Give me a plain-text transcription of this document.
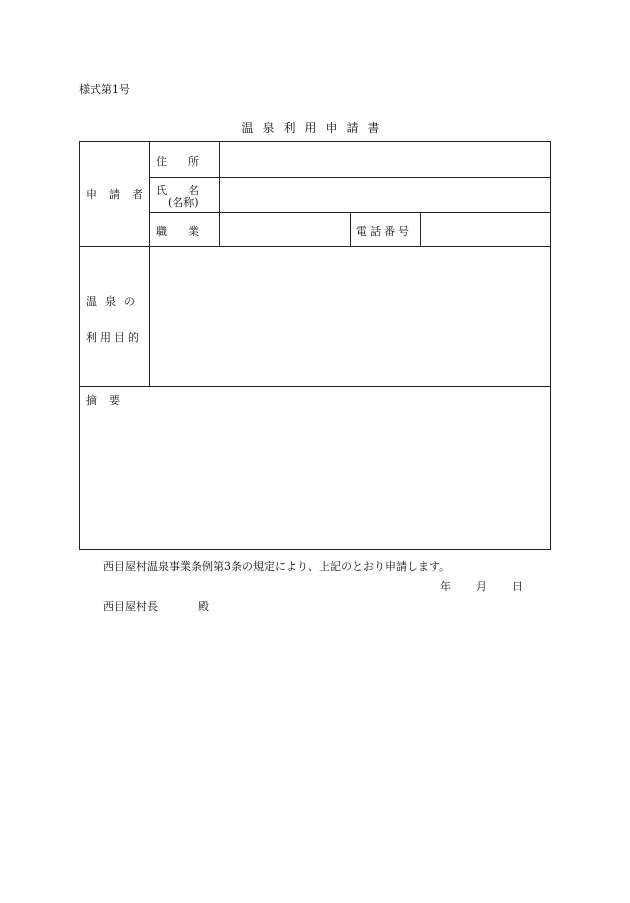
様式第1号
温泉利用申請書
申請者
住所
氏名
(名称)
職業	電話番号
温泉の
利用目的
摘要
西目屋村温泉事業条例第3条の規定により、上記のとおり申請します。
年 月 日
西目屋村長	殿
